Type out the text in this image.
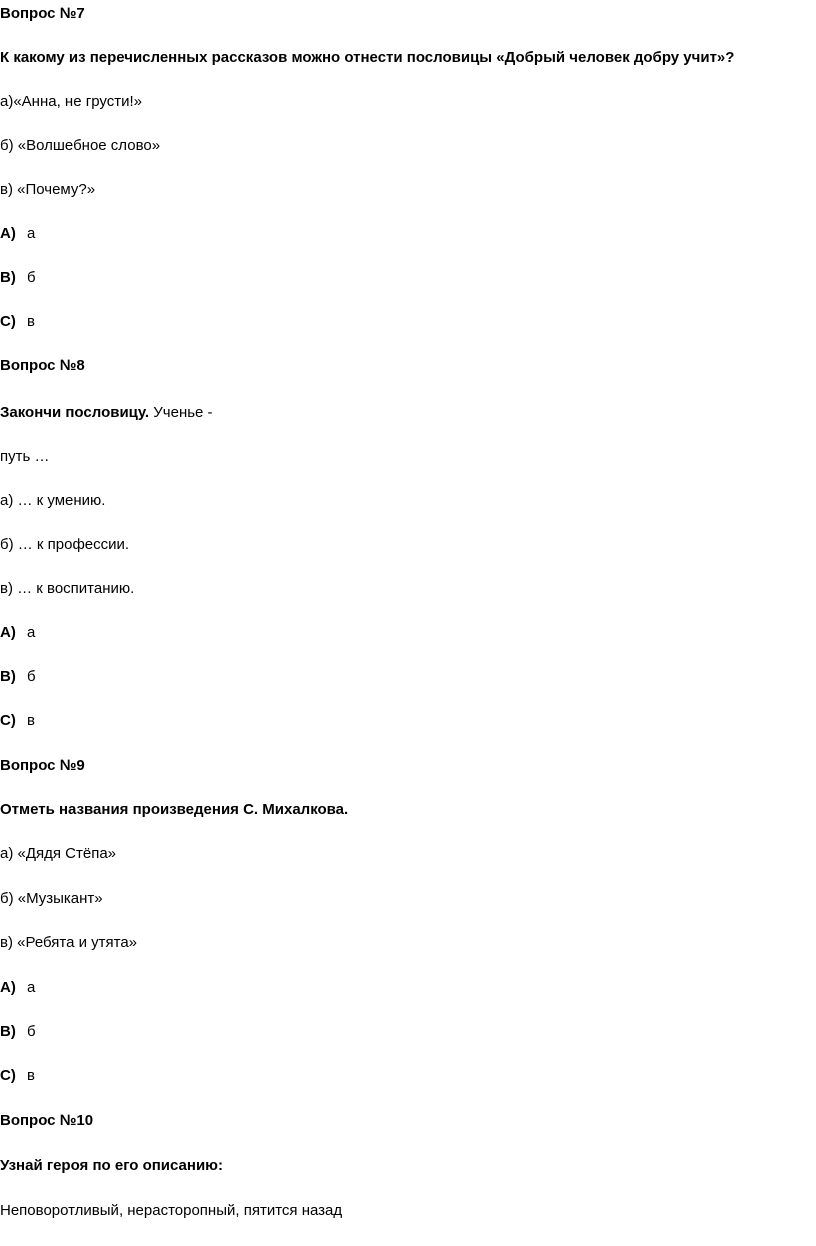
Вопрос №7
К какому из перечисленных рассказов можно отнести пословицы «Добрый человек добру учит»?
а)«Анна, не грусти!»
б) «Волшебное слово»
в) «Почему?»
A) а
B) б
C) в
Вопрос №8
Закончи пословицу. Ученье -
путь …
а) … к умению.
б) … к профессии.
в) … к воспитанию.
A) а
B) б
C) в
Вопрос №9
Отметь названия произведения С. Михалкова.
а) «Дядя Стёпа»
б) «Музыкант»
в) «Ребята и утята»
A) а
B) б
C) в
Вопрос №10
Узнай героя по его описанию:
Неповоротливый, нерасторопный, пятится назад
